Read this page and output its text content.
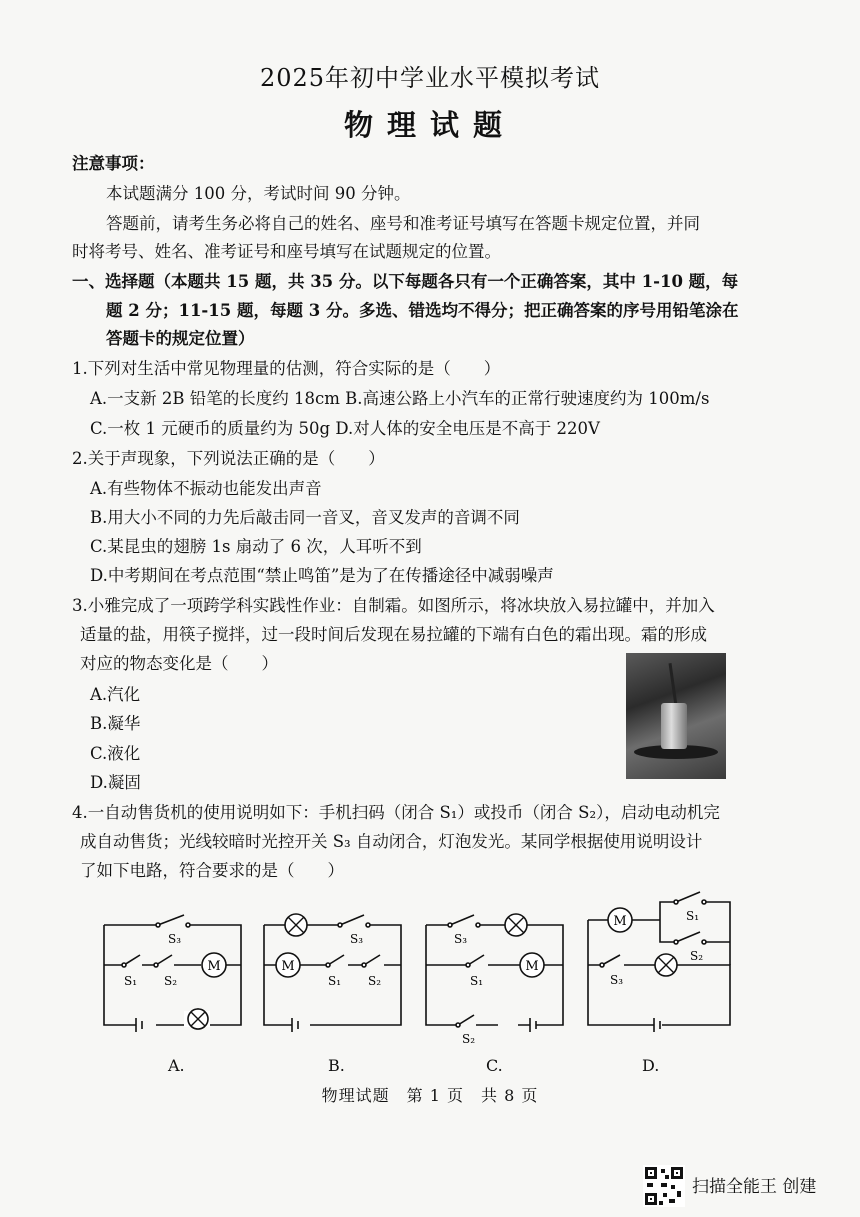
2025年初中学业水平模拟考试
物理试题
注意事项：
本试题满分 100 分，考试时间 90 分钟。
答题前，请考生务必将自己的姓名、座号和准考证号填写在答题卡规定位置，并同
时将考号、姓名、准考证号和座号填写在试题规定的位置。
一、选择题（本题共 15 题，共 35 分。以下每题各只有一个正确答案，其中 1-10 题，每
题 2 分；11-15 题，每题 3 分。多选、错选均不得分；把正确答案的序号用铅笔涂在
答题卡的规定位置）
1.下列对生活中常见物理量的估测，符合实际的是（　　）
A.一支新 2B 铅笔的长度约 18cm B.高速公路上小汽车的正常行驶速度约为 100m/s
C.一枚 1 元硬币的质量约为 50g D.对人体的安全电压是不高于 220V
2.关于声现象，下列说法正确的是（　　）
A.有些物体不振动也能发出声音
B.用大小不同的力先后敲击同一音叉，音叉发声的音调不同
C.某昆虫的翅膀 1s 扇动了 6 次，人耳听不到
D.中考期间在考点范围“禁止鸣笛”是为了在传播途径中减弱噪声
3.小雅完成了一项跨学科实践性作业：自制霜。如图所示，将冰块放入易拉罐中，并加入
适量的盐，用筷子搅拌，过一段时间后发现在易拉罐的下端有白色的霜出现。霜的形成
对应的物态变化是（　　）
A.汽化
B.凝华
C.液化
D.凝固
4.一自动售货机的使用说明如下：手机扫码（闭合 S₁）或投币（闭合 S₂），启动电动机完
成自动售货；光线较暗时光控开关 S₃ 自动闭合，灯泡发光。某同学根据使用说明设计
了如下电路，符合要求的是（　　）
M
S₃
S₁ S₂
M
S₃
S₁ S₂
M
S₃
S₁
S₂
M	S₁
S₂
S₃
A.	B.	C.	D.
物理试题　第 1 页　共 8 页
扫描全能王 创建
